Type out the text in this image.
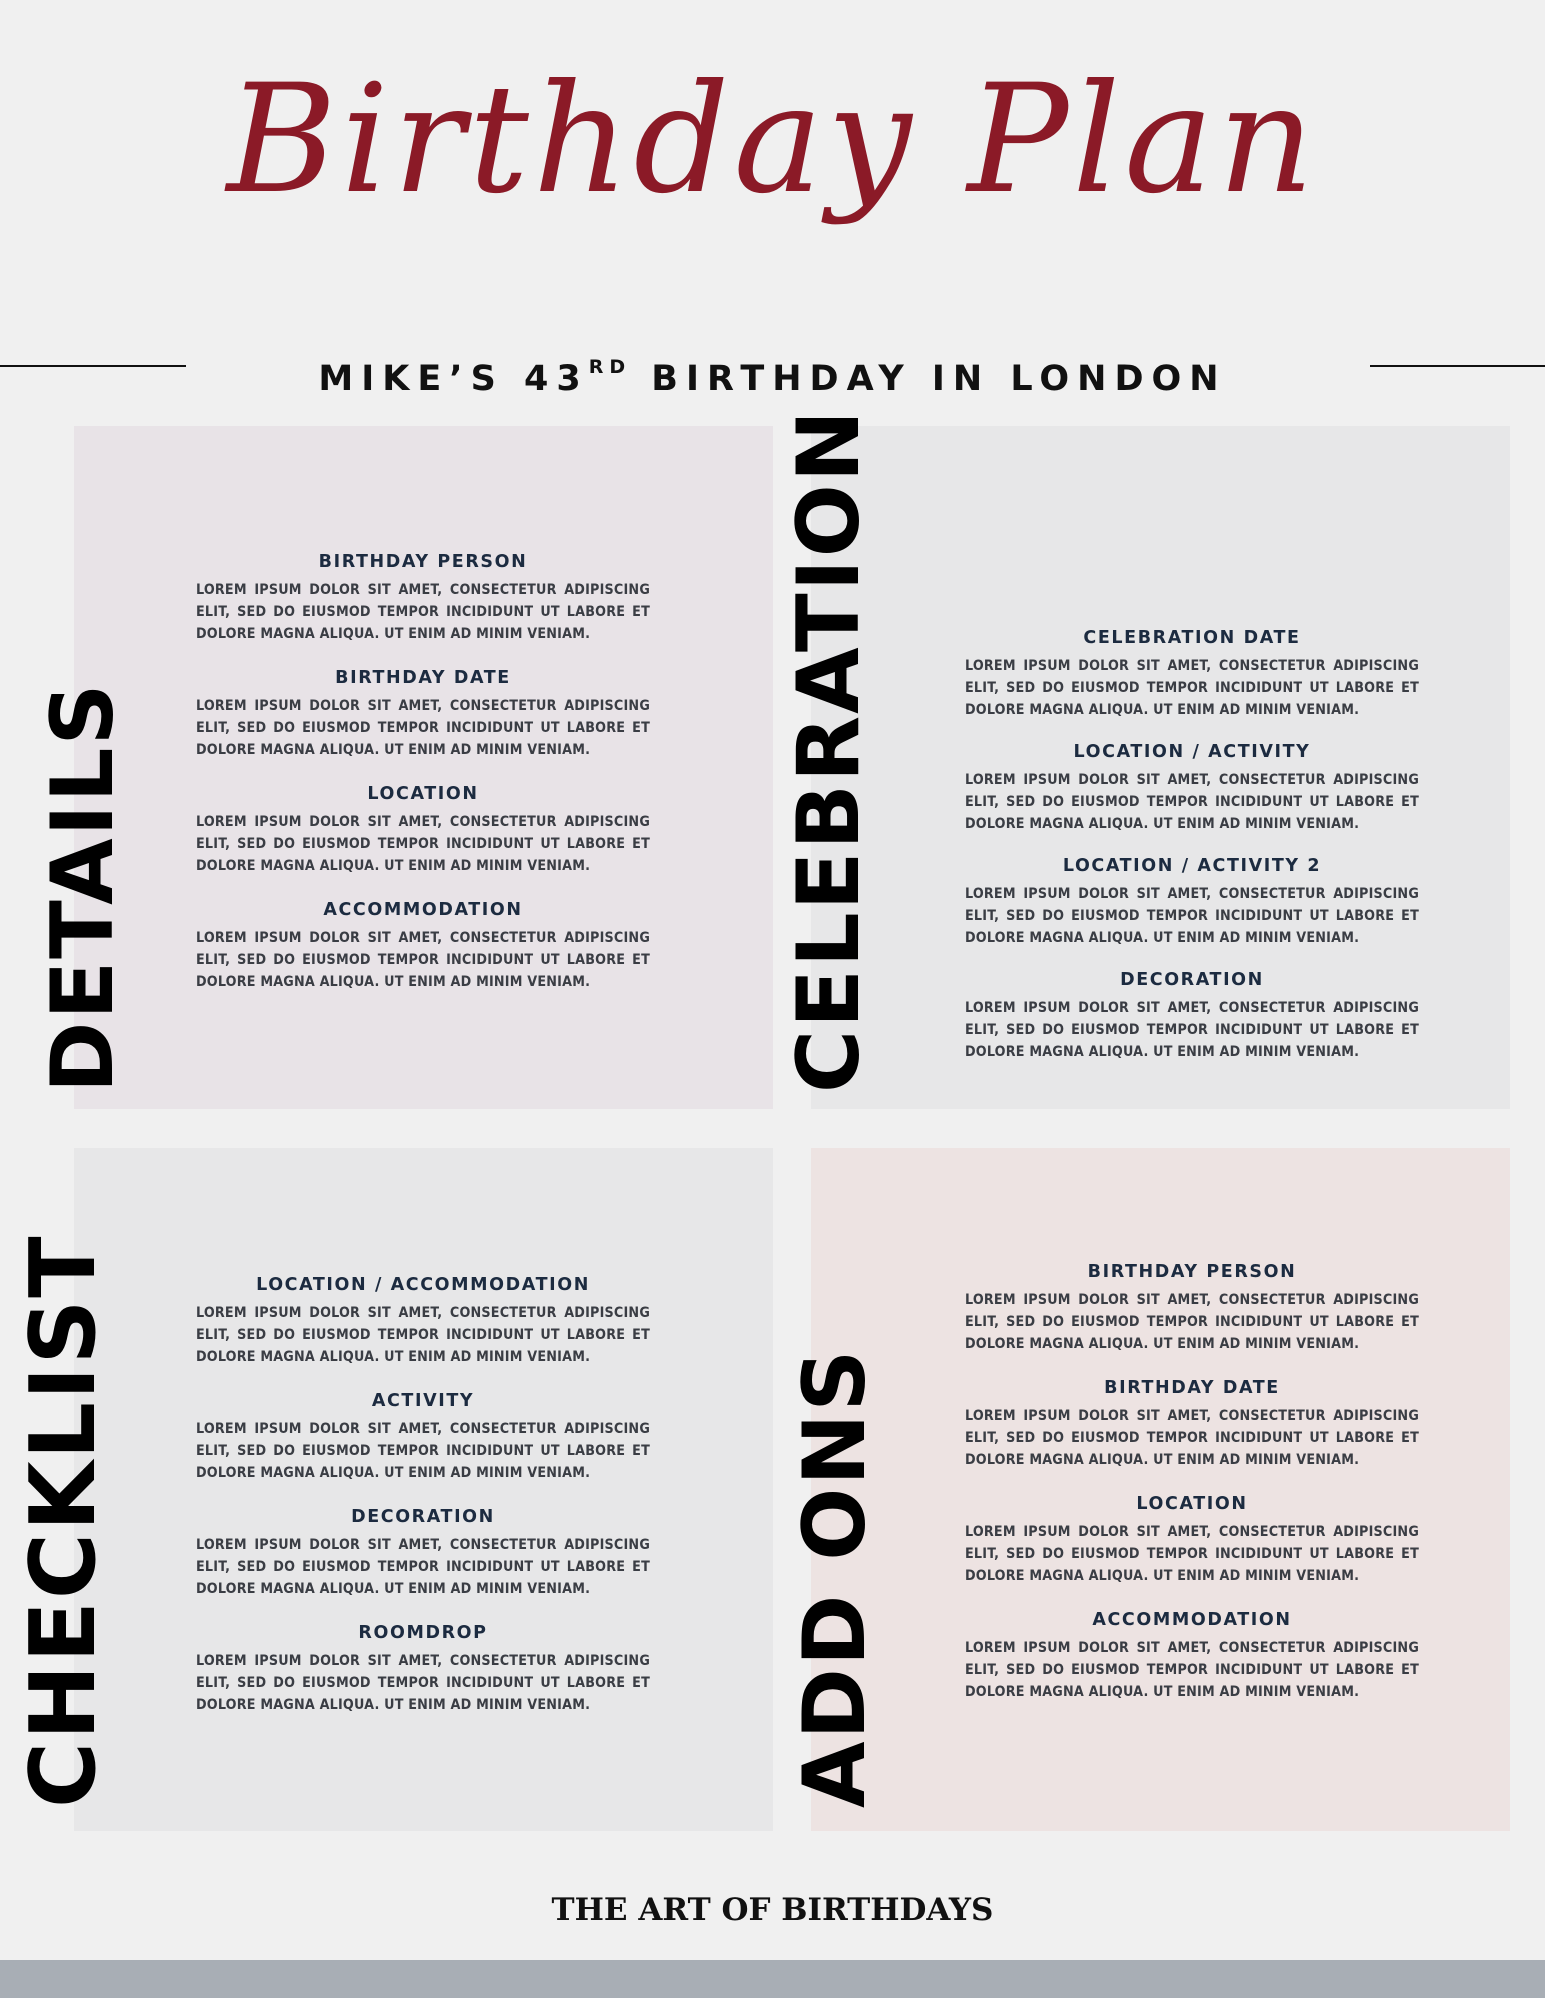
Birthday Plan
MIKE’S 43RD BIRTHDAY IN LONDON
DETAILS
BIRTHDAY PERSON
LOREM IPSUM DOLOR SIT AMET, CONSECTETUR ADIPISCING ELIT, SED DO EIUSMOD TEMPOR INCIDIDUNT UT LABORE ET DOLORE MAGNA ALIQUA. UT ENIM AD MINIM VENIAM.
BIRTHDAY DATE
LOREM IPSUM DOLOR SIT AMET, CONSECTETUR ADIPISCING ELIT, SED DO EIUSMOD TEMPOR INCIDIDUNT UT LABORE ET DOLORE MAGNA ALIQUA. UT ENIM AD MINIM VENIAM.
LOCATION
LOREM IPSUM DOLOR SIT AMET, CONSECTETUR ADIPISCING ELIT, SED DO EIUSMOD TEMPOR INCIDIDUNT UT LABORE ET DOLORE MAGNA ALIQUA. UT ENIM AD MINIM VENIAM.
ACCOMMODATION
LOREM IPSUM DOLOR SIT AMET, CONSECTETUR ADIPISCING ELIT, SED DO EIUSMOD TEMPOR INCIDIDUNT UT LABORE ET DOLORE MAGNA ALIQUA. UT ENIM AD MINIM VENIAM.	CELEBRATION	CELEBRATION DATE
LOREM IPSUM DOLOR SIT AMET, CONSECTETUR ADIPISCING ELIT, SED DO EIUSMOD TEMPOR INCIDIDUNT UT LABORE ET DOLORE MAGNA ALIQUA. UT ENIM AD MINIM VENIAM.
LOCATION / ACTIVITY
LOREM IPSUM DOLOR SIT AMET, CONSECTETUR ADIPISCING ELIT, SED DO EIUSMOD TEMPOR INCIDIDUNT UT LABORE ET DOLORE MAGNA ALIQUA. UT ENIM AD MINIM VENIAM.
LOCATION / ACTIVITY 2
LOREM IPSUM DOLOR SIT AMET, CONSECTETUR ADIPISCING ELIT, SED DO EIUSMOD TEMPOR INCIDIDUNT UT LABORE ET DOLORE MAGNA ALIQUA. UT ENIM AD MINIM VENIAM.
DECORATION
LOREM IPSUM DOLOR SIT AMET, CONSECTETUR ADIPISCING ELIT, SED DO EIUSMOD TEMPOR INCIDIDUNT UT LABORE ET DOLORE MAGNA ALIQUA. UT ENIM AD MINIM VENIAM.
CHECKLIST	LOCATION / ACCOMMODATION
LOREM IPSUM DOLOR SIT AMET, CONSECTETUR ADIPISCING ELIT, SED DO EIUSMOD TEMPOR INCIDIDUNT UT LABORE ET DOLORE MAGNA ALIQUA. UT ENIM AD MINIM VENIAM.
ACTIVITY
LOREM IPSUM DOLOR SIT AMET, CONSECTETUR ADIPISCING ELIT, SED DO EIUSMOD TEMPOR INCIDIDUNT UT LABORE ET DOLORE MAGNA ALIQUA. UT ENIM AD MINIM VENIAM.
DECORATION
LOREM IPSUM DOLOR SIT AMET, CONSECTETUR ADIPISCING ELIT, SED DO EIUSMOD TEMPOR INCIDIDUNT UT LABORE ET DOLORE MAGNA ALIQUA. UT ENIM AD MINIM VENIAM.
ROOMDROP
LOREM IPSUM DOLOR SIT AMET, CONSECTETUR ADIPISCING ELIT, SED DO EIUSMOD TEMPOR INCIDIDUNT UT LABORE ET DOLORE MAGNA ALIQUA. UT ENIM AD MINIM VENIAM.	ADD ONS
BIRTHDAY PERSON
LOREM IPSUM DOLOR SIT AMET, CONSECTETUR ADIPISCING ELIT, SED DO EIUSMOD TEMPOR INCIDIDUNT UT LABORE ET DOLORE MAGNA ALIQUA. UT ENIM AD MINIM VENIAM.
BIRTHDAY DATE
LOREM IPSUM DOLOR SIT AMET, CONSECTETUR ADIPISCING ELIT, SED DO EIUSMOD TEMPOR INCIDIDUNT UT LABORE ET DOLORE MAGNA ALIQUA. UT ENIM AD MINIM VENIAM.
LOCATION
LOREM IPSUM DOLOR SIT AMET, CONSECTETUR ADIPISCING ELIT, SED DO EIUSMOD TEMPOR INCIDIDUNT UT LABORE ET DOLORE MAGNA ALIQUA. UT ENIM AD MINIM VENIAM.
ACCOMMODATION
LOREM IPSUM DOLOR SIT AMET, CONSECTETUR ADIPISCING ELIT, SED DO EIUSMOD TEMPOR INCIDIDUNT UT LABORE ET DOLORE MAGNA ALIQUA. UT ENIM AD MINIM VENIAM.
THE ART OF BIRTHDAYS
